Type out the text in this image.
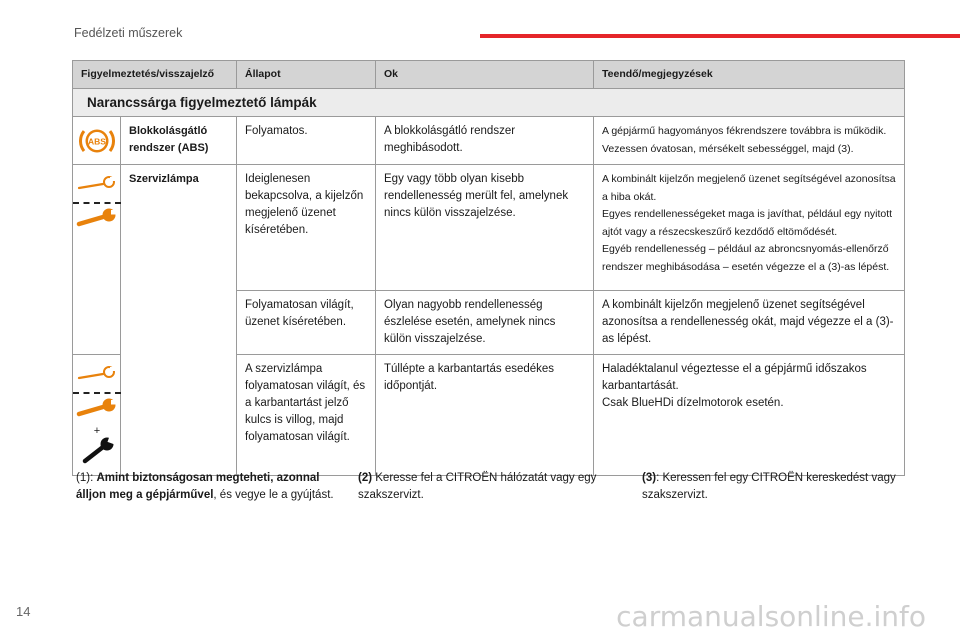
Fedélzeti műszerek
Figyelmeztetés/visszajelző		Állapot	Ok	Teendő/megjegyzések
Narancssárga figyelmeztető lámpák				

ABS	Blokkolásgátló rendszer (ABS)	Folyamatos.	A blokkolásgátló rendszer meghibásodott.	A gépjármű hagyományos fékrendszere továbbra is működik. Vezessen óvatosan, mérsékelt sebességgel, majd (3).

	Szervizlámpa	Ideiglenesen bekapcsolva, a kijelzőn megjelenő üzenet kíséretében.	Egy vagy több olyan kisebb rendellenesség merült fel, amelynek nincs külön visszajelzése.	A kombinált kijelzőn megjelenő üzenet segítségével azonosítsa a hiba okát.
Egyes rendellenességeket maga is javíthat, például egy nyitott ajtót vagy a részecskeszűrő kezdődő eltömődését.
Egyéb rendellenesség – például az abroncsnyomás-ellenőrző rendszer meghibásodása – esetén végezze el a (3)-as lépést.

		Folyamatosan világít, üzenet kíséretében.	Olyan nagyobb rendellenesség észlelése esetén, amelynek nincs külön visszajelzése.	A kombinált kijelzőn megjelenő üzenet segítségével azonosítsa a rendellenesség okát, majd végezze el a (3)-as lépést.

+		A szervizlámpa folyamatosan világít, és a karbantartást jelző kulcs is villog, majd folyamatosan világít.	Túllépte a karbantartás esedékes időpontját.	Haladéktalanul végeztesse el a gépjármű időszakos karbantartását.
Csak BlueHDi dízelmotorok esetén.
(1): Amint biztonságosan megteheti, azonnal álljon meg a gépjárművel, és vegye le a gyújtást.
(2) Keresse fel a CITROËN hálózatát vagy egy szakszervizt.
(3): Keressen fel egy CITROËN kereskedést vagy szakszervizt.
14	carmanualsonline.info
